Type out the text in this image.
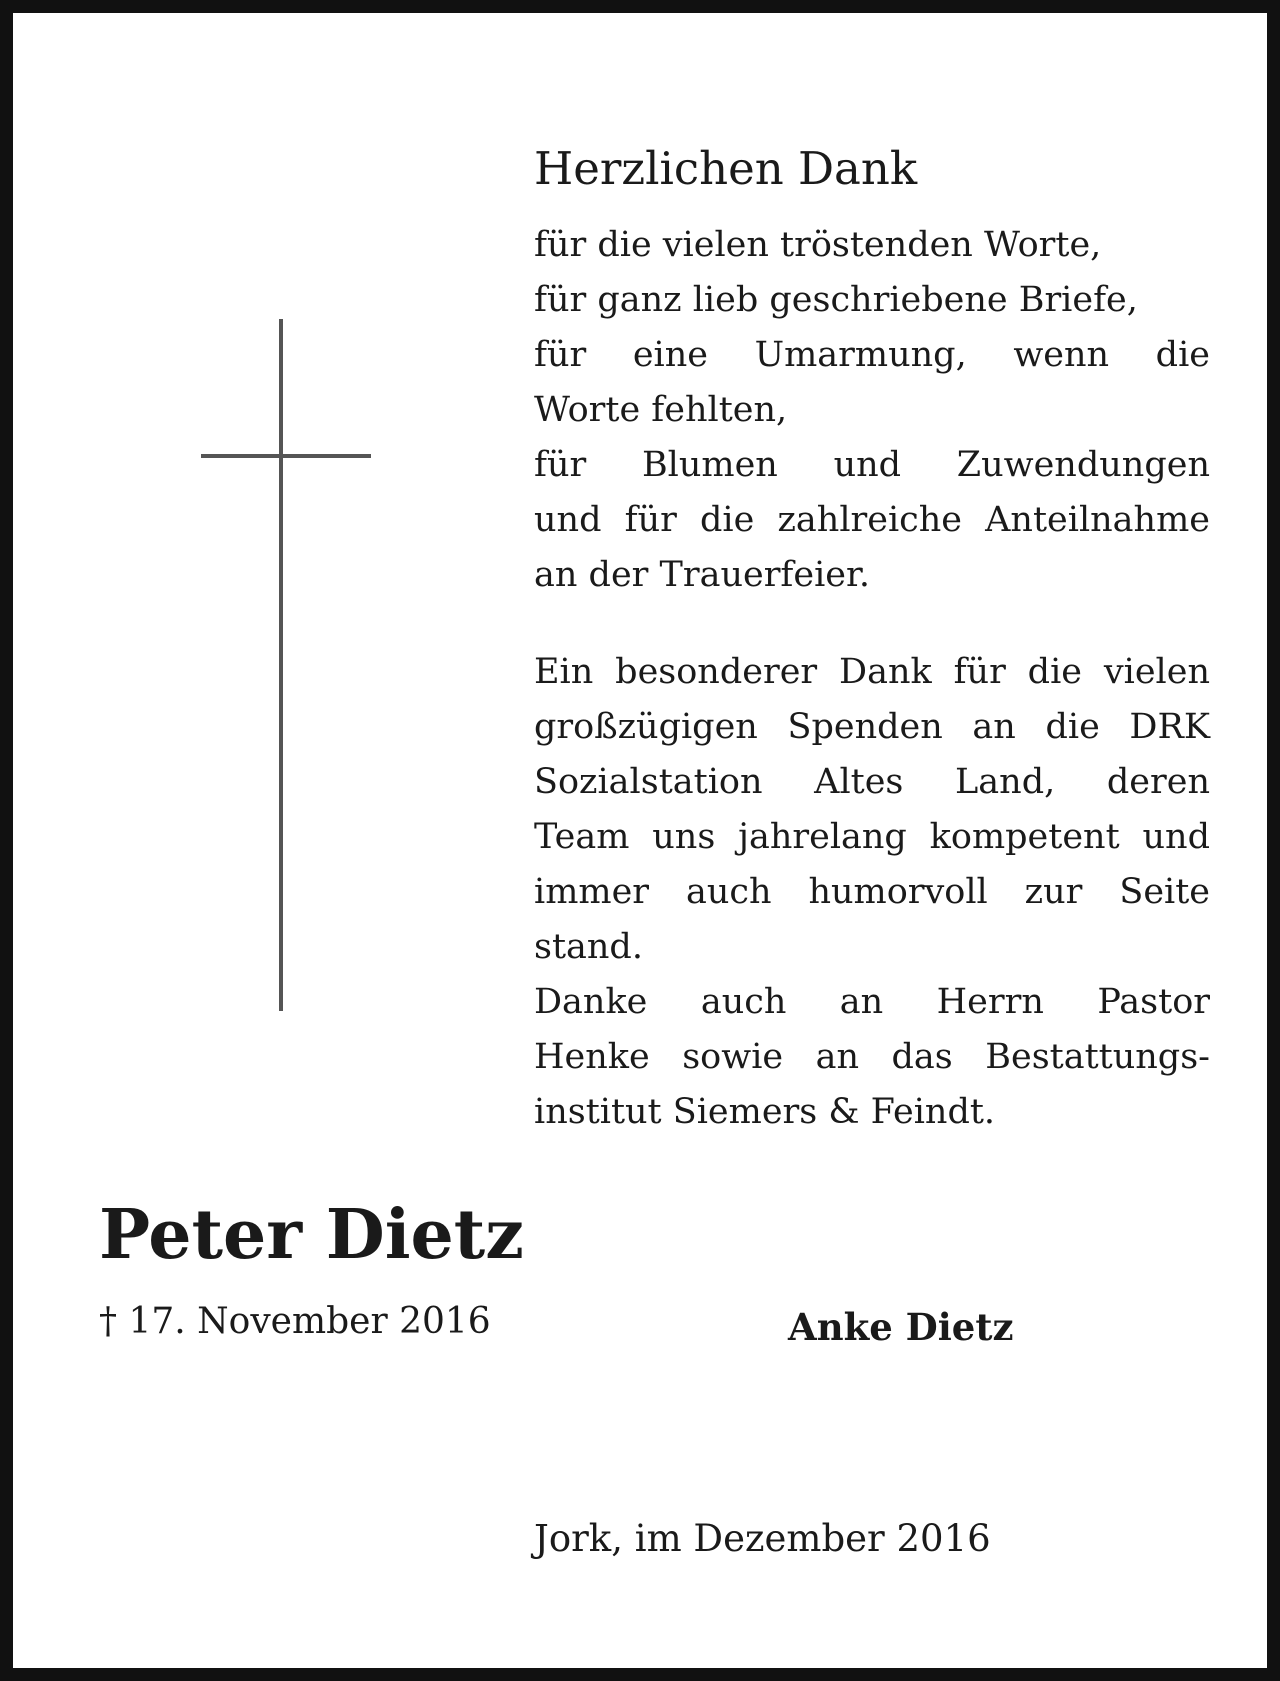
Herzlichen Dank
für die vielen tröstenden Worte,
für ganz lieb geschriebene Briefe,
für eine Umarmung, wenn die
Worte fehlten,
für Blumen und Zuwendungen
und für die zahlreiche Anteilnahme
an der Trauerfeier.
Ein besonderer Dank für die vielen
großzügigen Spenden an die DRK
Sozialstation Altes Land, deren
Team uns jahrelang kompetent und
immer auch humorvoll zur Seite
stand.
Danke auch an Herrn Pastor
Henke sowie an das Bestattungs-
institut Siemers & Feindt.
Peter Dietz
† 17. November 2016	Anke Dietz
Jork, im Dezember 2016
